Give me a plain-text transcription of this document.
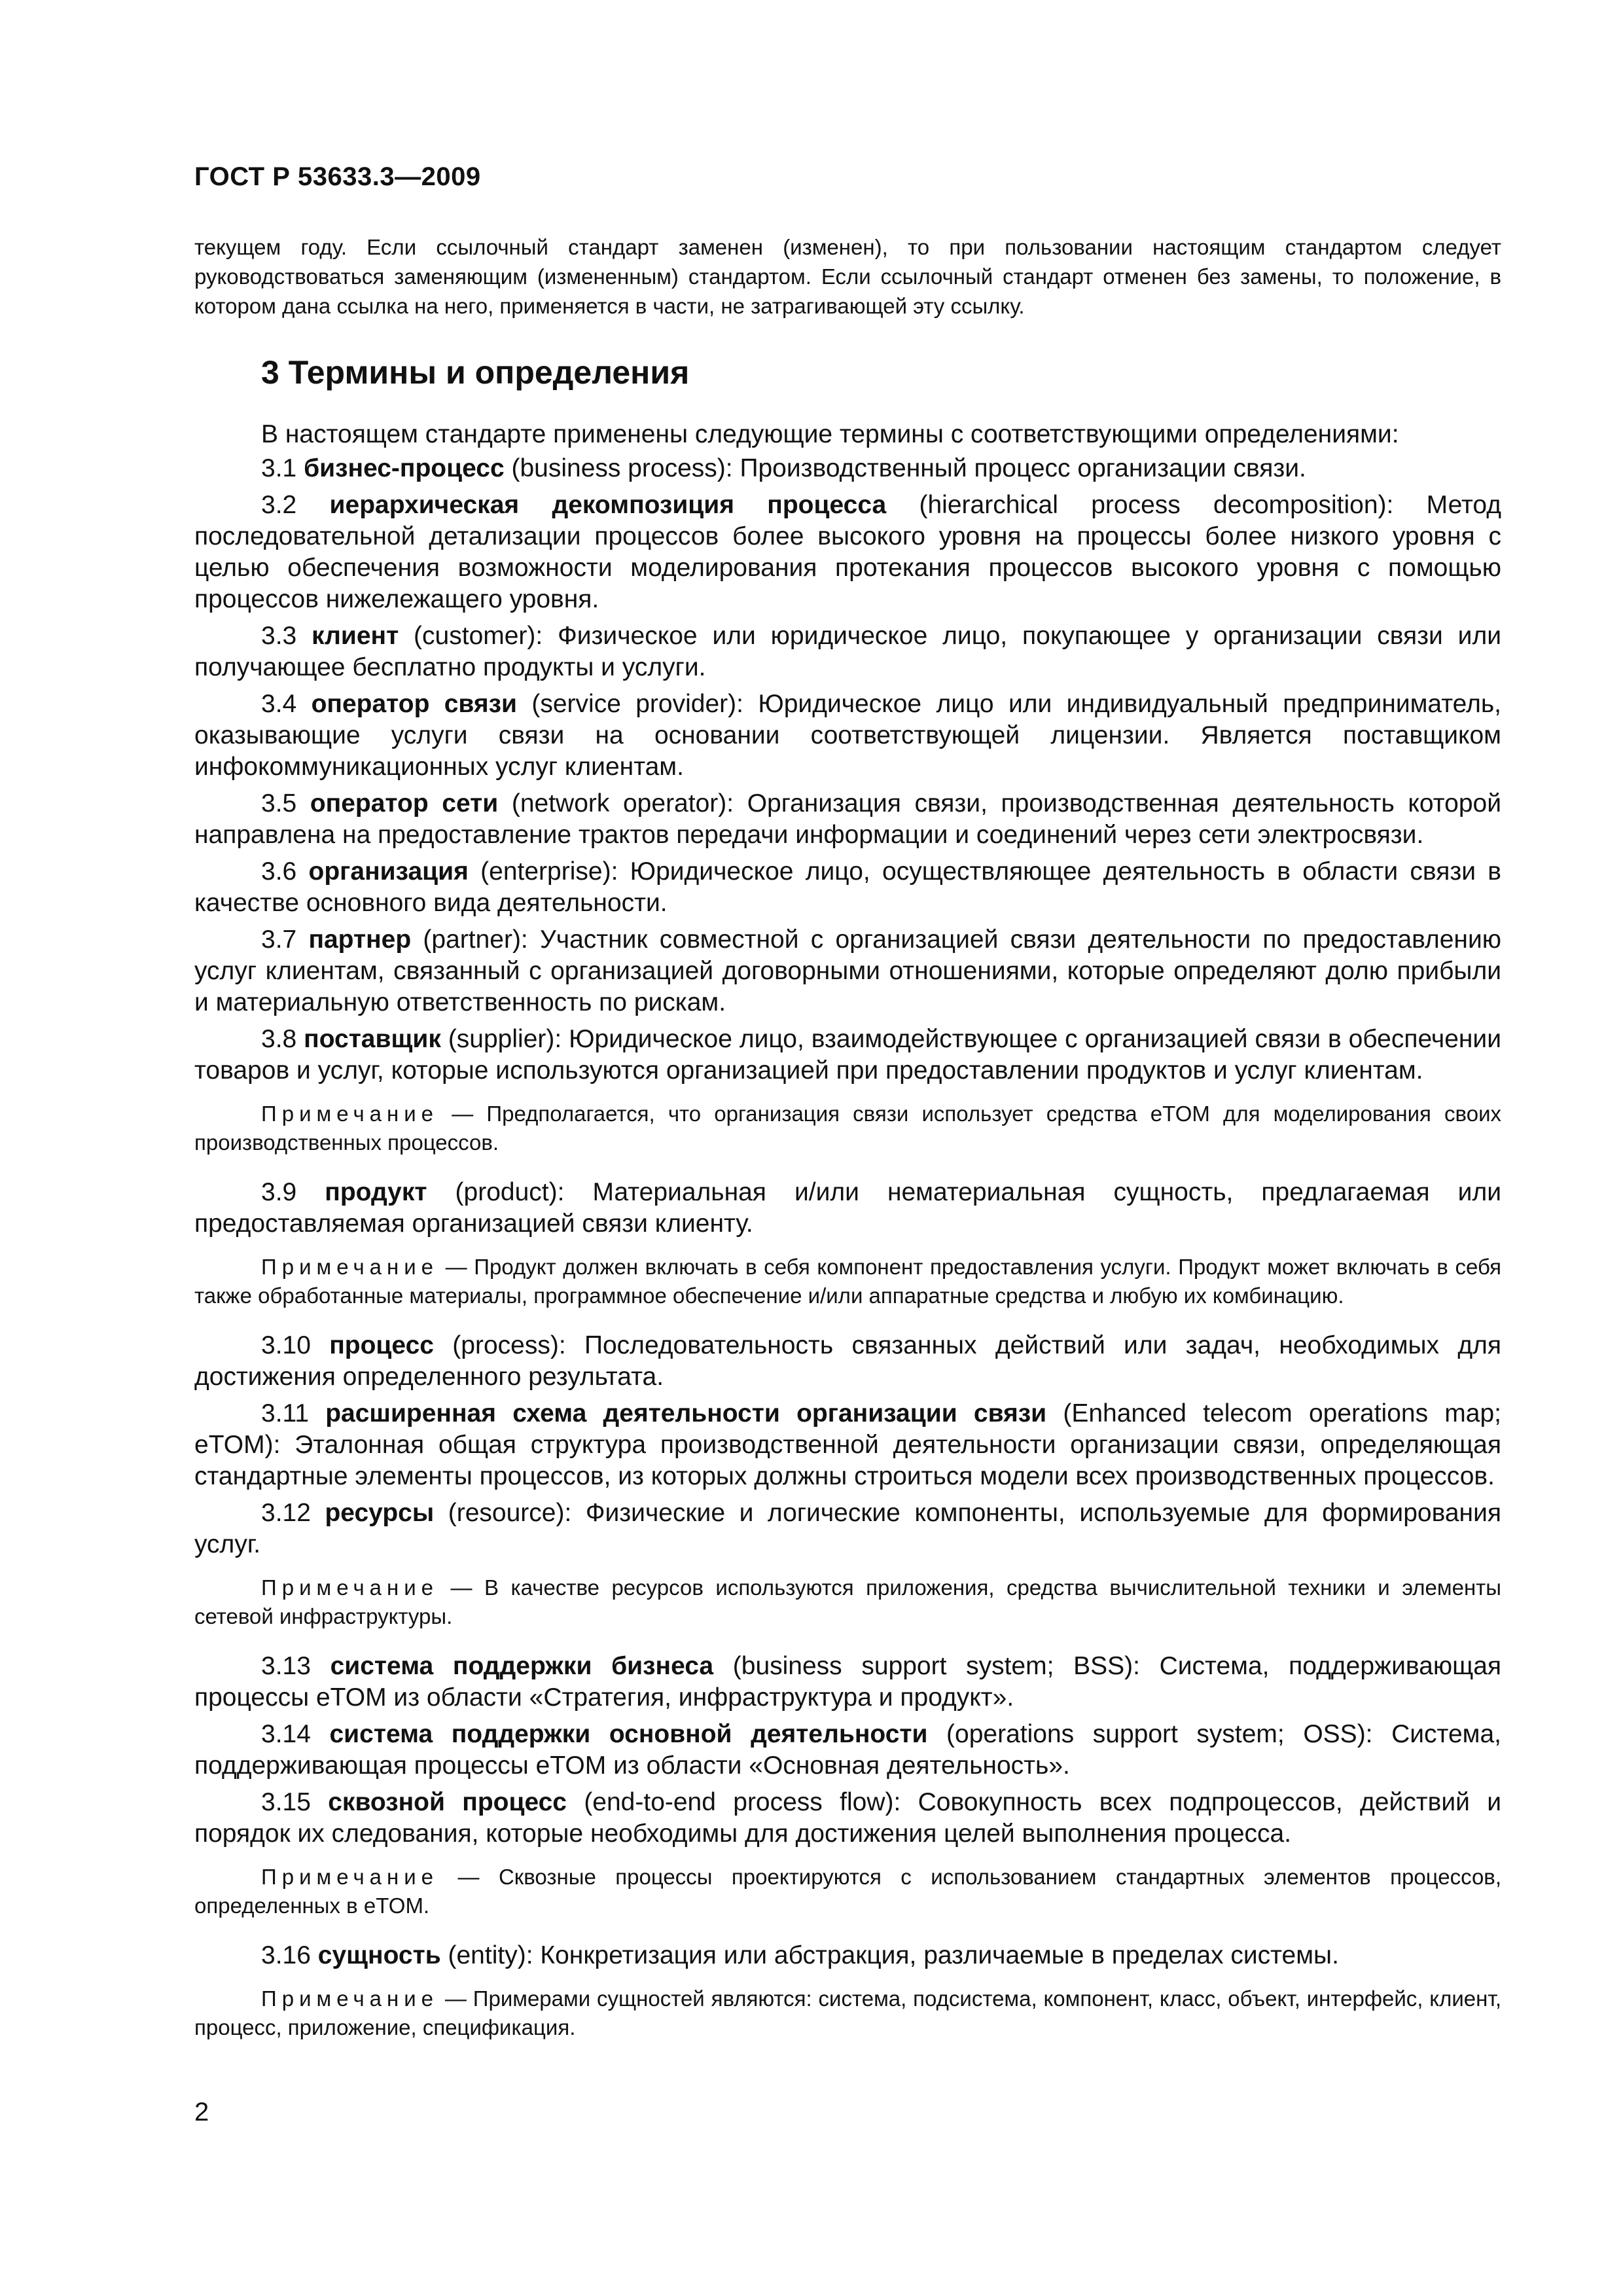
ГОСТ Р 53633.3—2009

текущем году. Если ссылочный стандарт заменен (изменен), то при пользовании настоящим стандартом следует руководствоваться заменяющим (измененным) стандартом. Если ссылочный стандарт отменен без замены, то положение, в котором дана ссылка на него, применяется в части, не затрагивающей эту ссылку.

3 Термины и определения

В настоящем стандарте применены следующие термины с соответствующими определениями:

3.1 бизнес-процесс (business process): Производственный процесс организации связи.

3.2 иерархическая декомпозиция процесса (hierarchical process decomposition): Метод последовательной детализации процессов более высокого уровня на процессы более низкого уровня с целью обеспечения возможности моделирования протекания процессов высокого уровня с помощью процессов нижележащего уровня.

3.3 клиент (customer): Физическое или юридическое лицо, покупающее у организации связи или получающее бесплатно продукты и услуги.

3.4 оператор связи (service provider): Юридическое лицо или индивидуальный предприниматель, оказывающие услуги связи на основании соответствующей лицензии. Является поставщиком инфокоммуникационных услуг клиентам.

3.5 оператор сети (network operator): Организация связи, производственная деятельность которой направлена на предоставление трактов передачи информации и соединений через сети электросвязи.

3.6 организация (enterprise): Юридическое лицо, осуществляющее деятельность в области связи в качестве основного вида деятельности.

3.7 партнер (partner): Участник совместной с организацией связи деятельности по предоставлению услуг клиентам, связанный с организацией договорными отношениями, которые определяют долю прибыли и материальную ответственность по рискам.

3.8 поставщик (supplier): Юридическое лицо, взаимодействующее с организацией связи в обеспечении товаров и услуг, которые используются организацией при предоставлении продуктов и услуг клиентам.

Примечание — Предполагается, что организация связи использует средства eTOM для моделирования своих производственных процессов.

3.9 продукт (product): Материальная и/или нематериальная сущность, предлагаемая или предоставляемая организацией связи клиенту.

Примечание — Продукт должен включать в себя компонент предоставления услуги. Продукт может включать в себя также обработанные материалы, программное обеспечение и/или аппаратные средства и любую их комбинацию.

3.10 процесс (process): Последовательность связанных действий или задач, необходимых для достижения определенного результата.

3.11 расширенная схема деятельности организации связи (Enhanced telecom operations map; eTOM): Эталонная общая структура производственной деятельности организации связи, определяющая стандартные элементы процессов, из которых должны строиться модели всех производственных процессов.

3.12 ресурсы (resource): Физические и логические компоненты, используемые для формирования услуг.

Примечание — В качестве ресурсов используются приложения, средства вычислительной техники и элементы сетевой инфраструктуры.

3.13 система поддержки бизнеса (business support system; BSS): Система, поддерживающая процессы eTOM из области «Стратегия, инфраструктура и продукт».

3.14 система поддержки основной деятельности (operations support system; OSS): Система, поддерживающая процессы eTOM из области «Основная деятельность».

3.15 сквозной процесс (end-to-end process flow): Совокупность всех подпроцессов, действий и порядок их следования, которые необходимы для достижения целей выполнения процесса.

Примечание — Сквозные процессы проектируются с использованием стандартных элементов процессов, определенных в eTOM.

3.16 сущность (entity): Конкретизация или абстракция, различаемые в пределах системы.

Примечание — Примерами сущностей являются: система, подсистема, компонент, класс, объект, интерфейс, клиент, процесс, приложение, спецификация.

2
